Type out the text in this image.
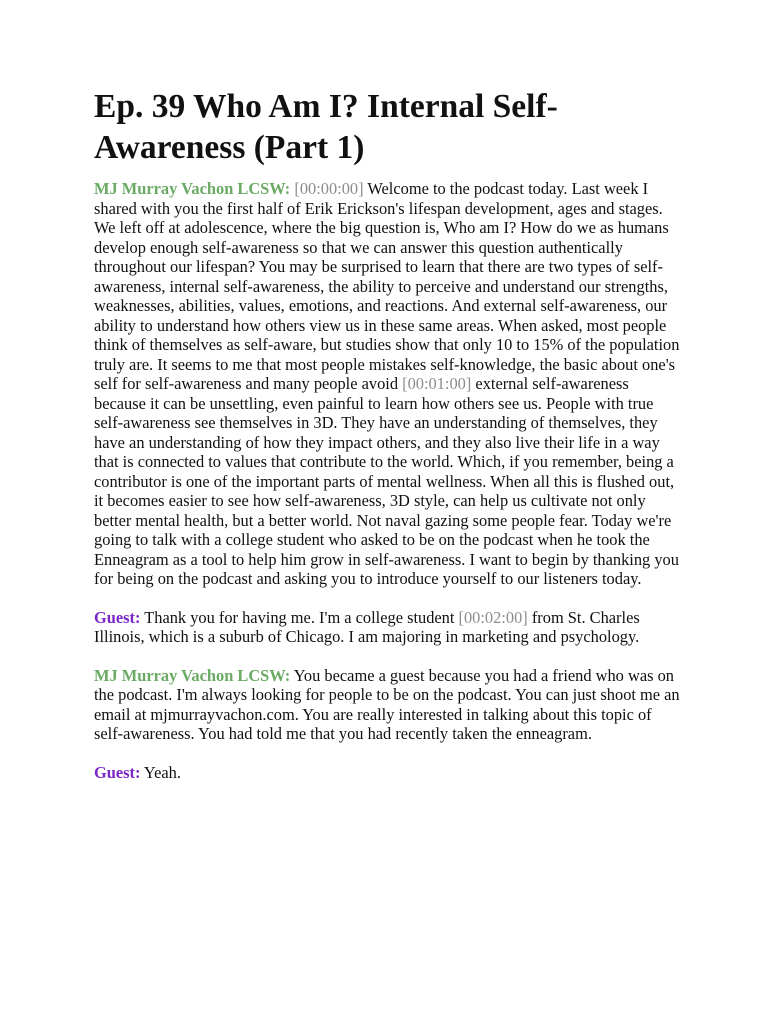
Ep. 39 Who Am I? Internal Self-Awareness (Part 1)

MJ Murray Vachon LCSW: [00:00:00] Welcome to the podcast today. Last week I shared with you the first half of Erik Erickson's lifespan development, ages and stages. We left off at adolescence, where the big question is, Who am I? How do we as humans develop enough self-awareness so that we can answer this question authentically throughout our lifespan? You may be surprised to learn that there are two types of self-awareness, internal self-awareness, the ability to perceive and understand our strengths, weaknesses, abilities, values, emotions, and reactions. And external self-awareness, our ability to understand how others view us in these same areas. When asked, most people think of themselves as self-aware, but studies show that only 10 to 15% of the population truly are. It seems to me that most people mistakes self-knowledge, the basic about one's self for self-awareness and many people avoid [00:01:00] external self-awareness because it can be unsettling, even painful to learn how others see us. People with true self-awareness see themselves in 3D. They have an understanding of themselves, they have an understanding of how they impact others, and they also live their life in a way that is connected to values that contribute to the world. Which, if you remember, being a contributor is one of the important parts of mental wellness. When all this is flushed out, it becomes easier to see how self-awareness, 3D style, can help us cultivate not only better mental health, but a better world. Not naval gazing some people fear. Today we're going to talk with a college student who asked to be on the podcast when he took the Enneagram as a tool to help him grow in self-awareness. I want to begin by thanking you for being on the podcast and asking you to introduce yourself to our listeners today.

Guest: Thank you for having me. I'm a college student [00:02:00] from St. Charles Illinois, which is a suburb of Chicago. I am majoring in marketing and psychology.

MJ Murray Vachon LCSW: You became a guest because you had a friend who was on the podcast. I'm always looking for people to be on the podcast. You can just shoot me an email at mjmurrayvachon.com. You are really interested in talking about this topic of self-awareness. You had told me that you had recently taken the enneagram.

Guest: Yeah.
